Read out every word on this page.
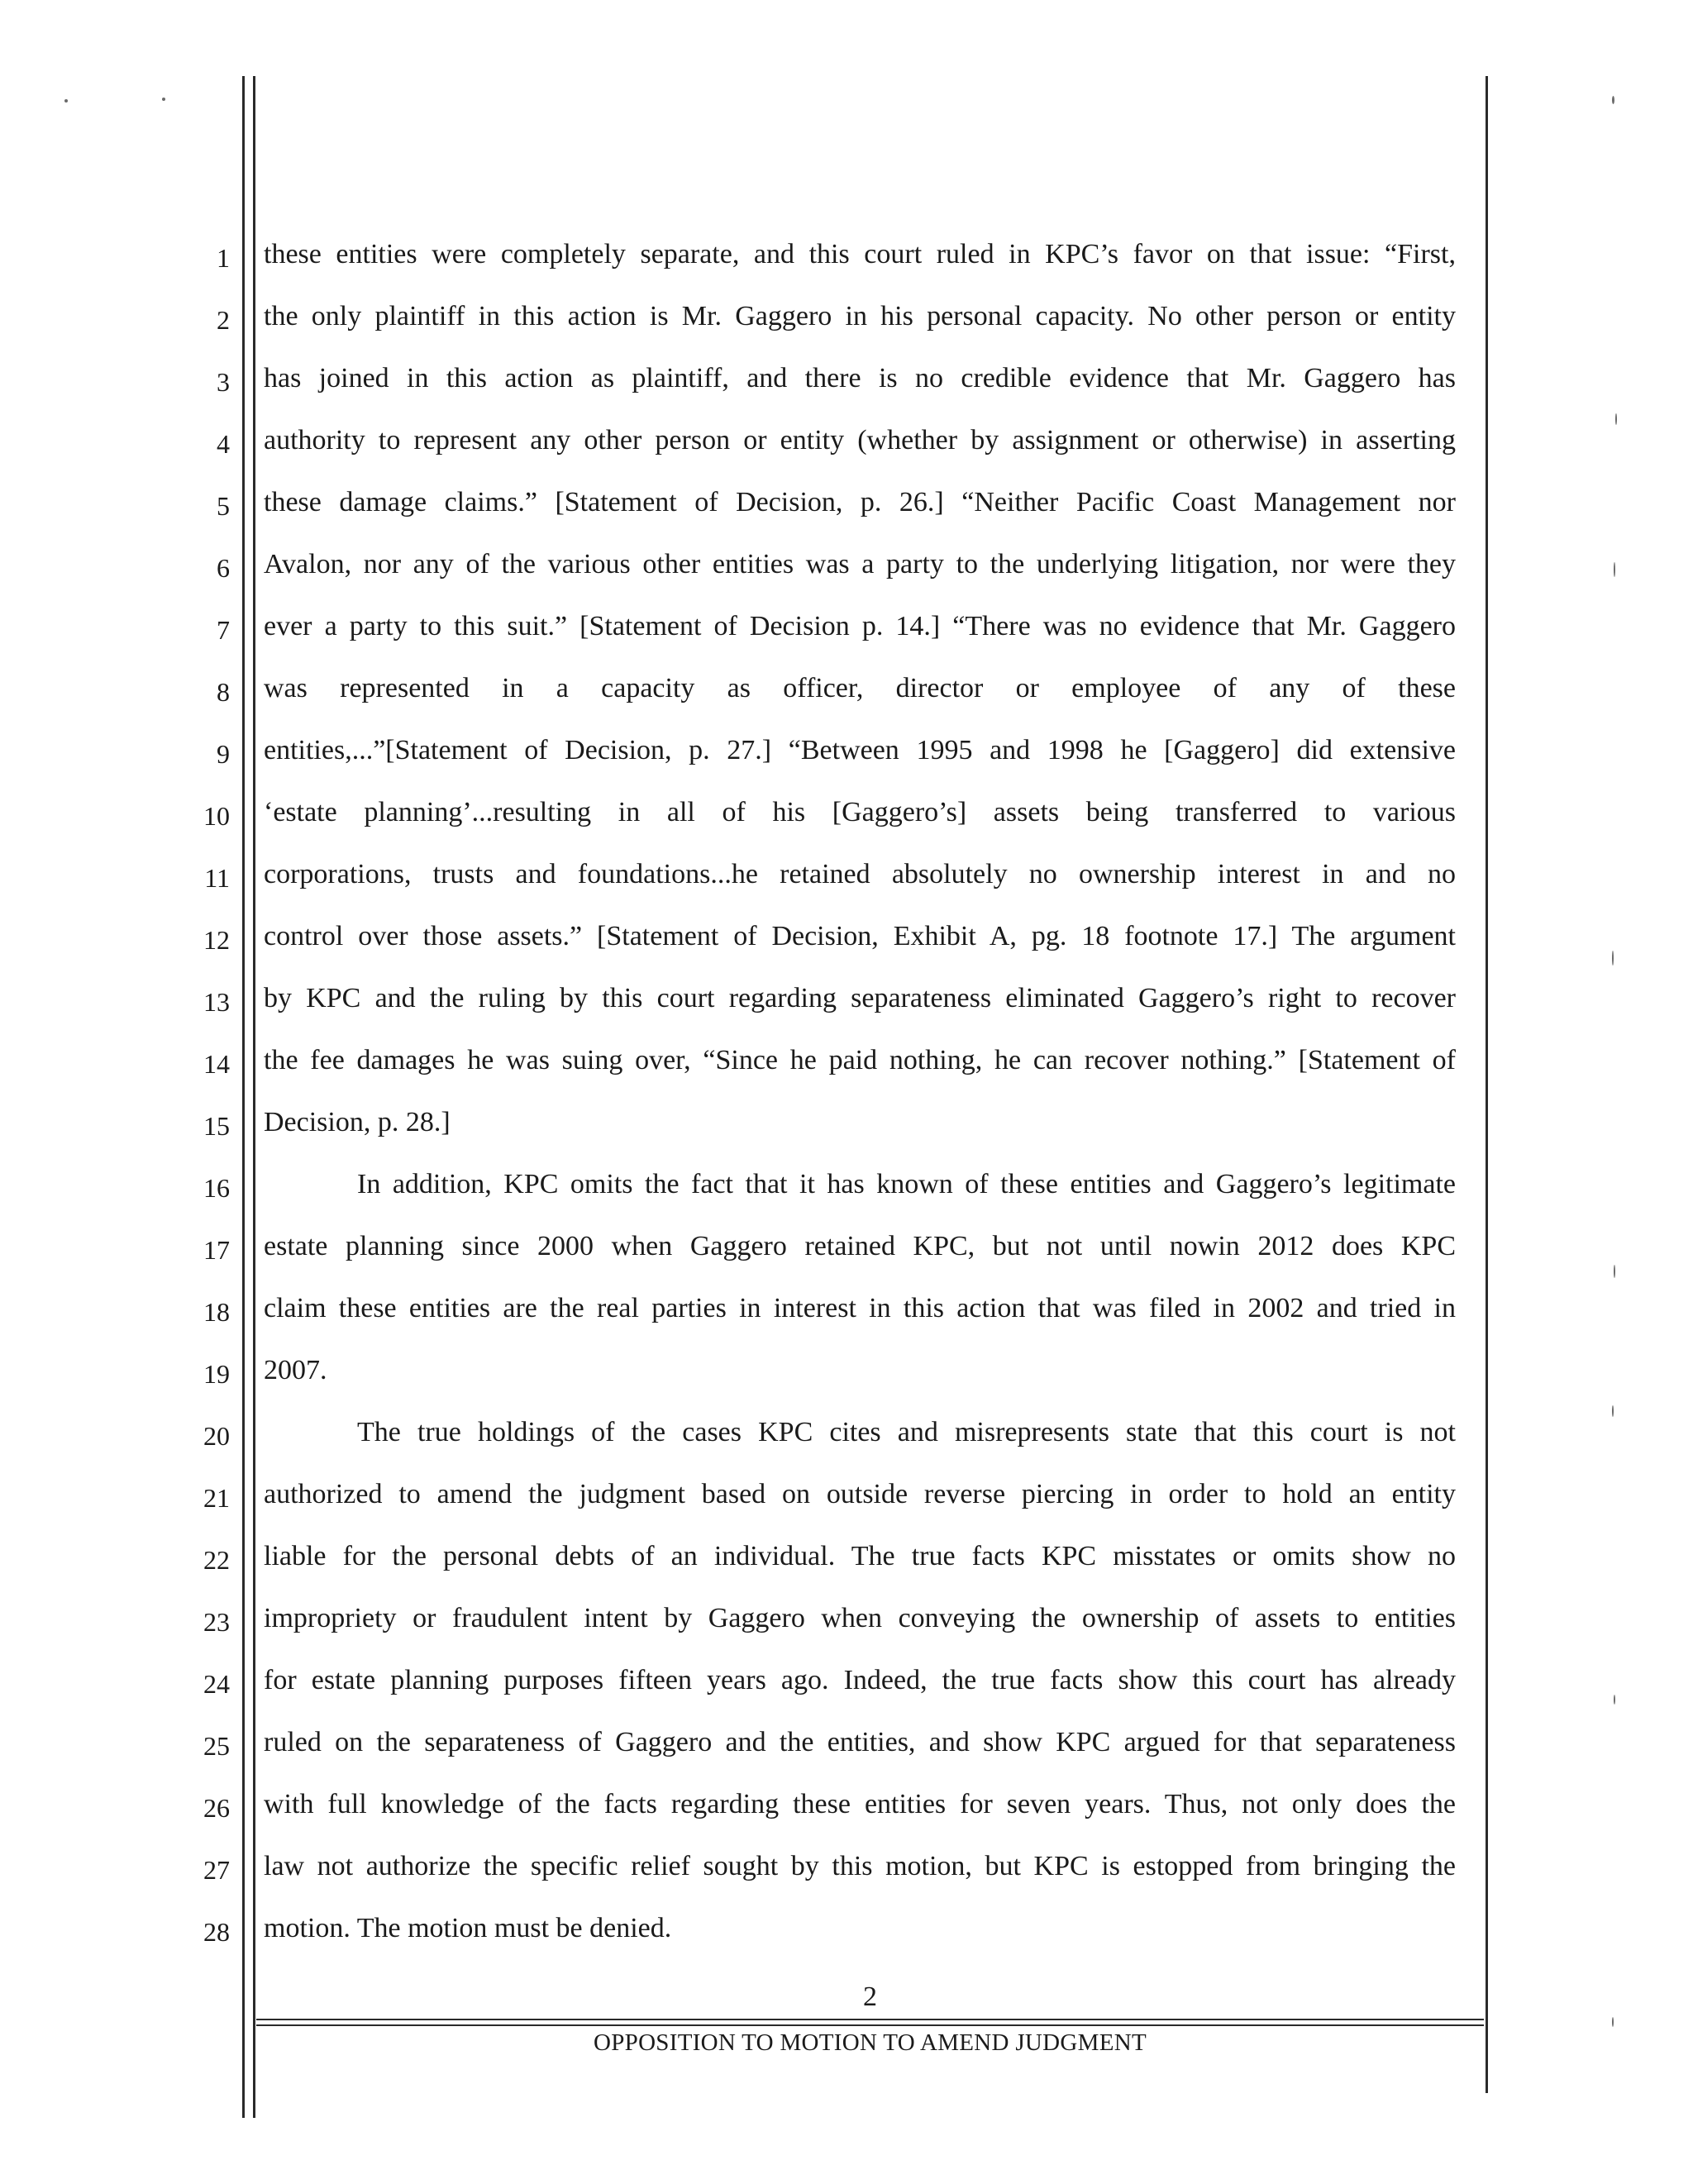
1
2
3
4
5
6
7
8
9
10
11
12
13
14
15
16
17
18
19
20
21
22
23
24
25
26
27
28
these entities were completely separate, and this court ruled in KPC’s favor on that issue: “First,
the only plaintiff in this action is Mr. Gaggero in his personal capacity. No other person or entity
has joined in this action as plaintiff, and there is no credible evidence that Mr. Gaggero has
authority to represent any other person or entity (whether by assignment or otherwise) in asserting
these damage claims.” [Statement of Decision, p. 26.] “Neither Pacific Coast Management nor
Avalon, nor any of the various other entities was a party to the underlying litigation, nor were they
ever a party to this suit.” [Statement of Decision p. 14.] “There was no evidence that Mr. Gaggero
was represented in a capacity as officer, director or employee of any of these
entities,...”[Statement of Decision, p. 27.] “Between 1995 and 1998 he [Gaggero] did extensive
‘estate planning’...resulting in all of his [Gaggero’s] assets being transferred to various
corporations, trusts and foundations...he retained absolutely no ownership interest in and no
control over those assets.” [Statement of Decision, Exhibit A, pg. 18 footnote 17.] The argument
by KPC and the ruling by this court regarding separateness eliminated Gaggero’s right to recover
the fee damages he was suing over, “Since he paid nothing, he can recover nothing.” [Statement of
Decision, p. 28.]
In addition, KPC omits the fact that it has known of these entities and Gaggero’s legitimate
estate planning since 2000 when Gaggero retained KPC, but not until nowin 2012 does KPC
claim these entities are the real parties in interest in this action that was filed in 2002 and tried in
2007.
The true holdings of the cases KPC cites and misrepresents state that this court is not
authorized to amend the judgment based on outside reverse piercing in order to hold an entity
liable for the personal debts of an individual. The true facts KPC misstates or omits show no
impropriety or fraudulent intent by Gaggero when conveying the ownership of assets to entities
for estate planning purposes fifteen years ago. Indeed, the true facts show this court has already
ruled on the separateness of Gaggero and the entities, and show KPC argued for that separateness
with full knowledge of the facts regarding these entities for seven years. Thus, not only does the
law not authorize the specific relief sought by this motion, but KPC is estopped from bringing the
motion. The motion must be denied.
2
OPPOSITION TO MOTION TO AMEND JUDGMENT
